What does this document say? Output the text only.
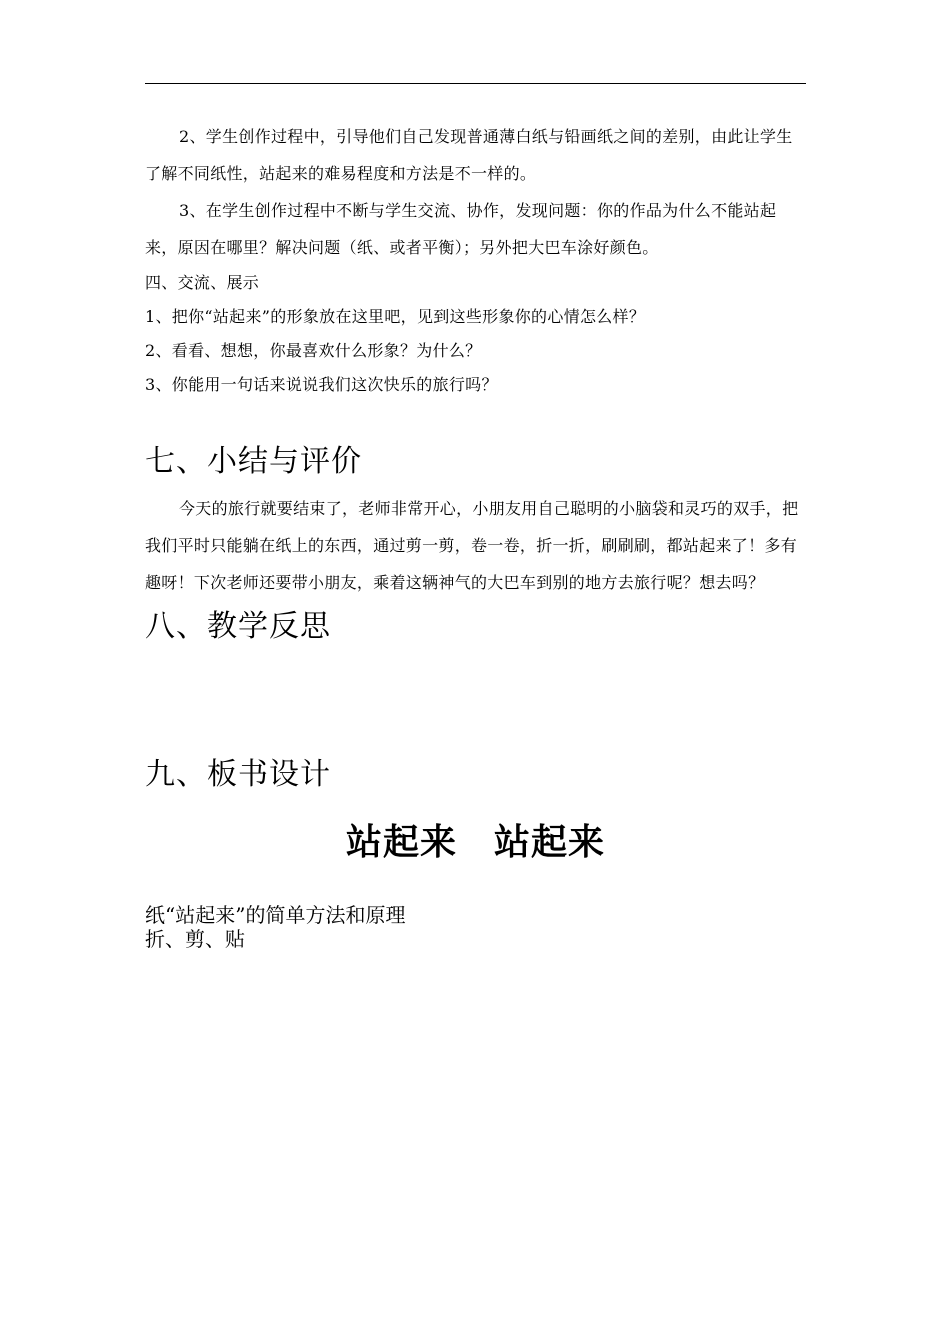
2、学生创作过程中，引导他们自己发现普通薄白纸与铅画纸之间的差别，由此让学生了解不同纸性，站起来的难易程度和方法是不一样的。

3、在学生创作过程中不断与学生交流、协作，发现问题：你的作品为什么不能站起来，原因在哪里？解决问题（纸、或者平衡）；另外把大巴车涂好颜色。

四、交流、展示

1、把你“站起来”的形象放在这里吧，见到这些形象你的心情怎么样？

2、看看、想想，你最喜欢什么形象？为什么？

3、你能用一句话来说说我们这次快乐的旅行吗？

七、小结与评价

今天的旅行就要结束了，老师非常开心，小朋友用自己聪明的小脑袋和灵巧的双手，把我们平时只能躺在纸上的东西，通过剪一剪，卷一卷，折一折，刷刷刷，都站起来了！多有趣呀！下次老师还要带小朋友，乘着这辆神气的大巴车到别的地方去旅行呢？想去吗？

八、教学反思
九、板书设计

站起来　站起来

纸“站起来”的简单方法和原理

折、剪、贴
